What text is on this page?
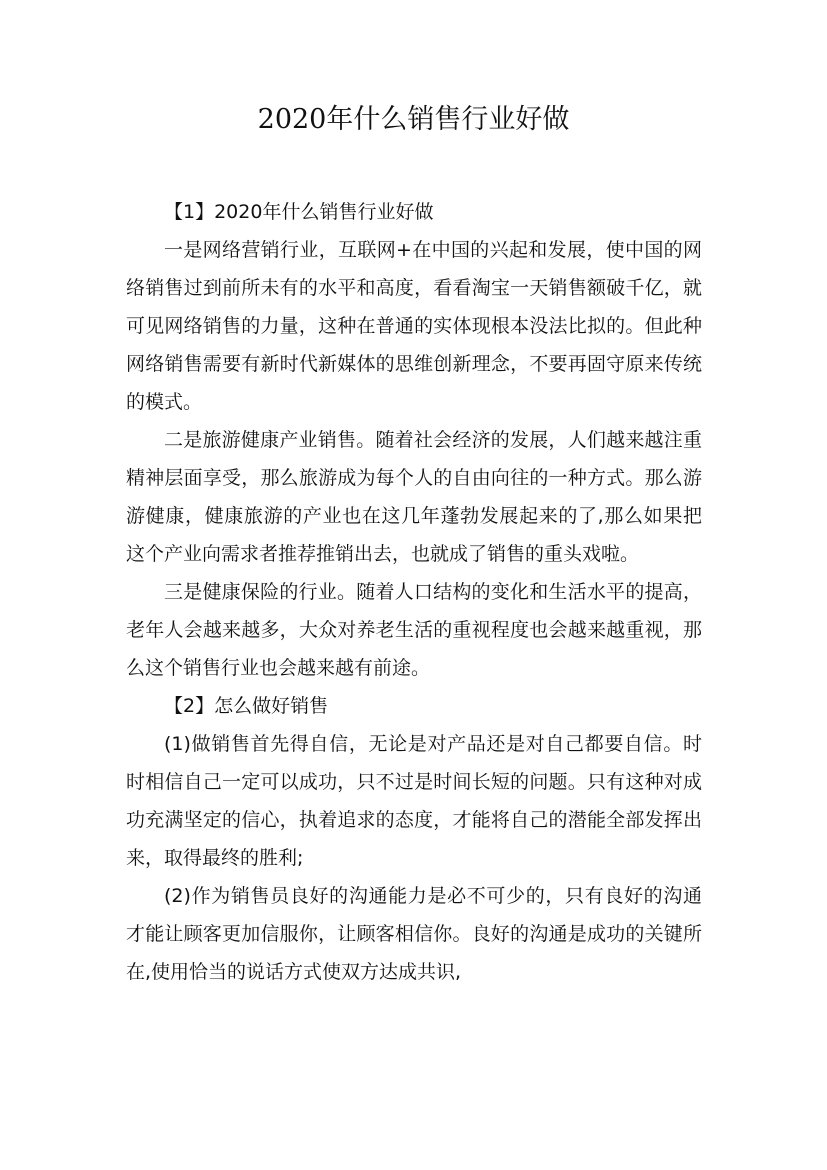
2020年什么销售行业好做

【1】2020年什么销售行业好做

一是网络营销行业，互联网+在中国的兴起和发展，使中国的网络销售过到前所未有的水平和高度，看看淘宝一天销售额破千亿，就可见网络销售的力量，这种在普通的实体现根本没法比拟的。但此种网络销售需要有新时代新媒体的思维创新理念，不要再固守原来传统的模式。

二是旅游健康产业销售。随着社会经济的发展，人们越来越注重精神层面享受，那么旅游成为每个人的自由向往的一种方式。那么游游健康，健康旅游的产业也在这几年蓬勃发展起来的了,那么如果把这个产业向需求者推荐推销出去，也就成了销售的重头戏啦。

三是健康保险的行业。随着人口结构的变化和生活水平的提高，老年人会越来越多，大众对养老生活的重视程度也会越来越重视，那么这个销售行业也会越来越有前途。

【2】怎么做好销售

(1)做销售首先得自信，无论是对产品还是对自己都要自信。时时相信自己一定可以成功，只不过是时间长短的问题。只有这种对成功充满坚定的信心，执着追求的态度，才能将自己的潜能全部发挥出来，取得最终的胜利;

(2)作为销售员良好的沟通能力是必不可少的，只有良好的沟通才能让顾客更加信服你，让顾客相信你。良好的沟通是成功的关键所在,使用恰当的说话方式使双方达成共识,
